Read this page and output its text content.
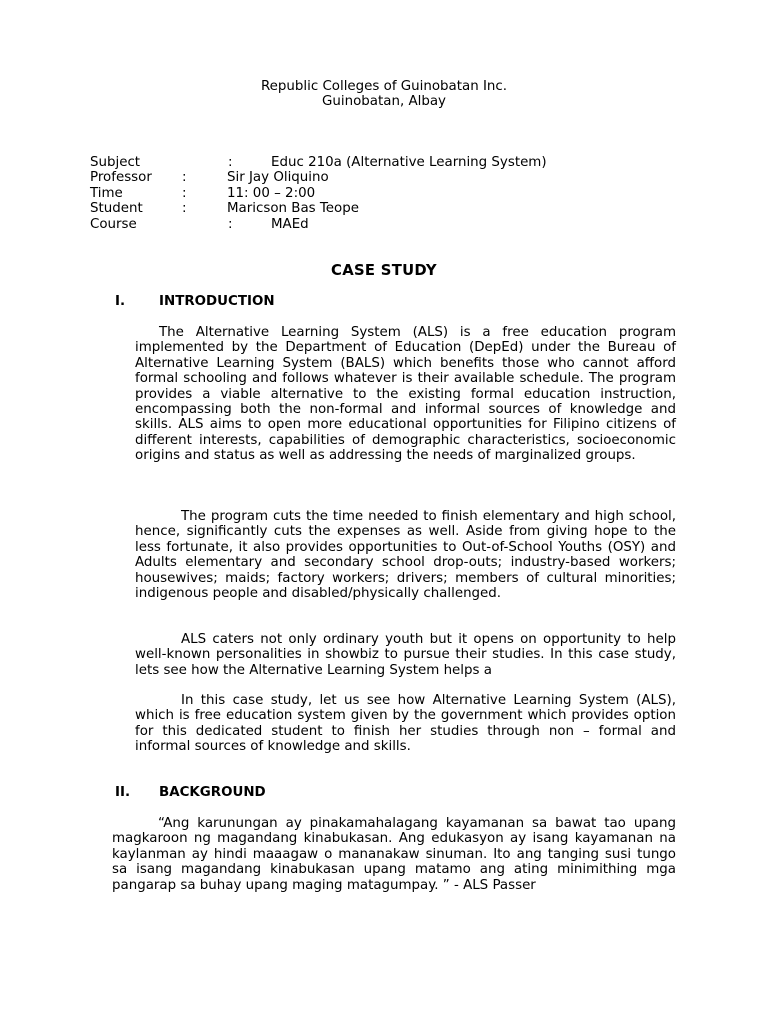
Republic Colleges of Guinobatan Inc.
Guinobatan, Albay
Subject	:	Educ 210a (Alternative Learning System)
Professor :	Sir Jay Oliquino
Time	:	11: 00 – 2:00
Student	:	Maricson Bas Teope
Course	:	MAEd
CASE STUDY
I.	INTRODUCTION

The Alternative Learning System (ALS) is a free education program implemented by the Department of Education (DepEd) under the Bureau of Alternative Learning System (BALS) which benefits those who cannot afford formal schooling and follows whatever is their available schedule. The program provides a viable alternative to the existing formal education instruction, encompassing both the non-formal and informal sources of knowledge and skills. ALS aims to open more educational opportunities for Filipino citizens of different interests, capabilities of demographic characteristics, socioeconomic origins and status as well as addressing the needs of marginalized groups.

The program cuts the time needed to finish elementary and high school, hence, significantly cuts the expenses as well. Aside from giving hope to the less fortunate, it also provides opportunities to Out-of-School Youths (OSY) and Adults elementary and secondary school drop-outs; industry-based workers; housewives; maids; factory workers; drivers; members of cultural minorities; indigenous people and disabled/physically challenged.

ALS caters not only ordinary youth but it opens on opportunity to help well-known personalities in showbiz to pursue their studies. In this case study, lets see how the Alternative Learning System helps a

In this case study, let us see how Alternative Learning System (ALS), which is free education system given by the government which provides option for this dedicated student to finish her studies through non – formal and informal sources of knowledge and skills.

II. BACKGROUND

“Ang karunungan ay pinakamahalagang kayamanan sa bawat tao upang magkaroon ng magandang kinabukasan. Ang edukasyon ay isang kayamanan na kaylanman ay hindi maaagaw o mananakaw sinuman. Ito ang tanging susi tungo sa isang magandang kinabukasan upang matamo ang ating minimithing mga pangarap sa buhay upang maging matagumpay. ” - ALS Passer
